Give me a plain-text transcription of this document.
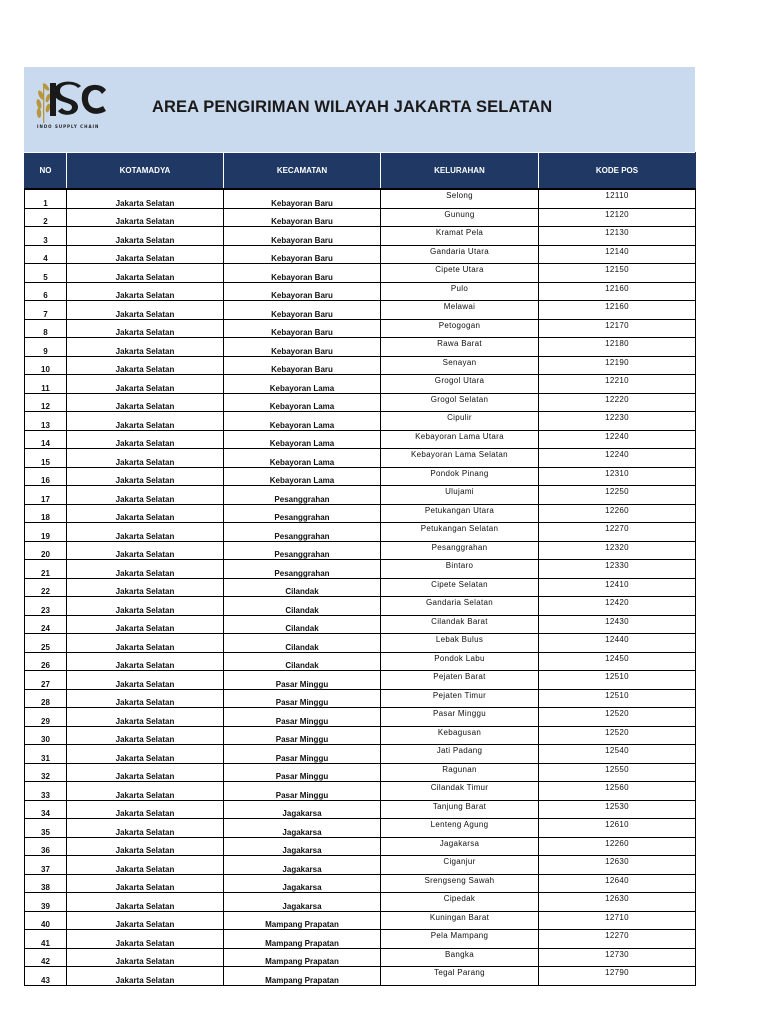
INDO SUPPLY CHAIN
AREA PENGIRIMAN WILAYAH JAKARTA SELATAN
NO	KOTAMADYA	KECAMATAN	KELURAHAN	KODE POS
1	Jakarta Selatan	Kebayoran Baru	Selong	12110
2	Jakarta Selatan	Kebayoran Baru	Gunung	12120
3	Jakarta Selatan	Kebayoran Baru	Kramat Pela	12130
4	Jakarta Selatan	Kebayoran Baru	Gandaria Utara	12140
5	Jakarta Selatan	Kebayoran Baru	Cipete Utara	12150
6	Jakarta Selatan	Kebayoran Baru	Pulo	12160
7	Jakarta Selatan	Kebayoran Baru	Melawai	12160
8	Jakarta Selatan	Kebayoran Baru	Petogogan	12170
9	Jakarta Selatan	Kebayoran Baru	Rawa Barat	12180
10	Jakarta Selatan	Kebayoran Baru	Senayan	12190
11	Jakarta Selatan	Kebayoran Lama	Grogol Utara	12210
12	Jakarta Selatan	Kebayoran Lama	Grogol Selatan	12220
13	Jakarta Selatan	Kebayoran Lama	Cipulir	12230
14	Jakarta Selatan	Kebayoran Lama	Kebayoran Lama Utara	12240
15	Jakarta Selatan	Kebayoran Lama	Kebayoran Lama Selatan	12240
16	Jakarta Selatan	Kebayoran Lama	Pondok Pinang	12310
17	Jakarta Selatan	Pesanggrahan	Ulujami	12250
18	Jakarta Selatan	Pesanggrahan	Petukangan Utara	12260
19	Jakarta Selatan	Pesanggrahan	Petukangan Selatan	12270
20	Jakarta Selatan	Pesanggrahan	Pesanggrahan	12320
21	Jakarta Selatan	Pesanggrahan	Bintaro	12330
22	Jakarta Selatan	Cilandak	Cipete Selatan	12410
23	Jakarta Selatan	Cilandak	Gandaria Selatan	12420
24	Jakarta Selatan	Cilandak	Cilandak Barat	12430
25	Jakarta Selatan	Cilandak	Lebak Bulus	12440
26	Jakarta Selatan	Cilandak	Pondok Labu	12450
27	Jakarta Selatan	Pasar Minggu	Pejaten Barat	12510
28	Jakarta Selatan	Pasar Minggu	Pejaten Timur	12510
29	Jakarta Selatan	Pasar Minggu	Pasar Minggu	12520
30	Jakarta Selatan	Pasar Minggu	Kebagusan	12520
31	Jakarta Selatan	Pasar Minggu	Jati Padang	12540
32	Jakarta Selatan	Pasar Minggu	Ragunan	12550
33	Jakarta Selatan	Pasar Minggu	Cilandak Timur	12560
34	Jakarta Selatan	Jagakarsa	Tanjung Barat	12530
35	Jakarta Selatan	Jagakarsa	Lenteng Agung	12610
36	Jakarta Selatan	Jagakarsa	Jagakarsa	12260
37	Jakarta Selatan	Jagakarsa	Ciganjur	12630
38	Jakarta Selatan	Jagakarsa	Srengseng Sawah	12640
39	Jakarta Selatan	Jagakarsa	Cipedak	12630
40	Jakarta Selatan	Mampang Prapatan	Kuningan Barat	12710
41	Jakarta Selatan	Mampang Prapatan	Pela Mampang	12270
42	Jakarta Selatan	Mampang Prapatan	Bangka	12730
43	Jakarta Selatan	Mampang Prapatan	Tegal Parang	12790
